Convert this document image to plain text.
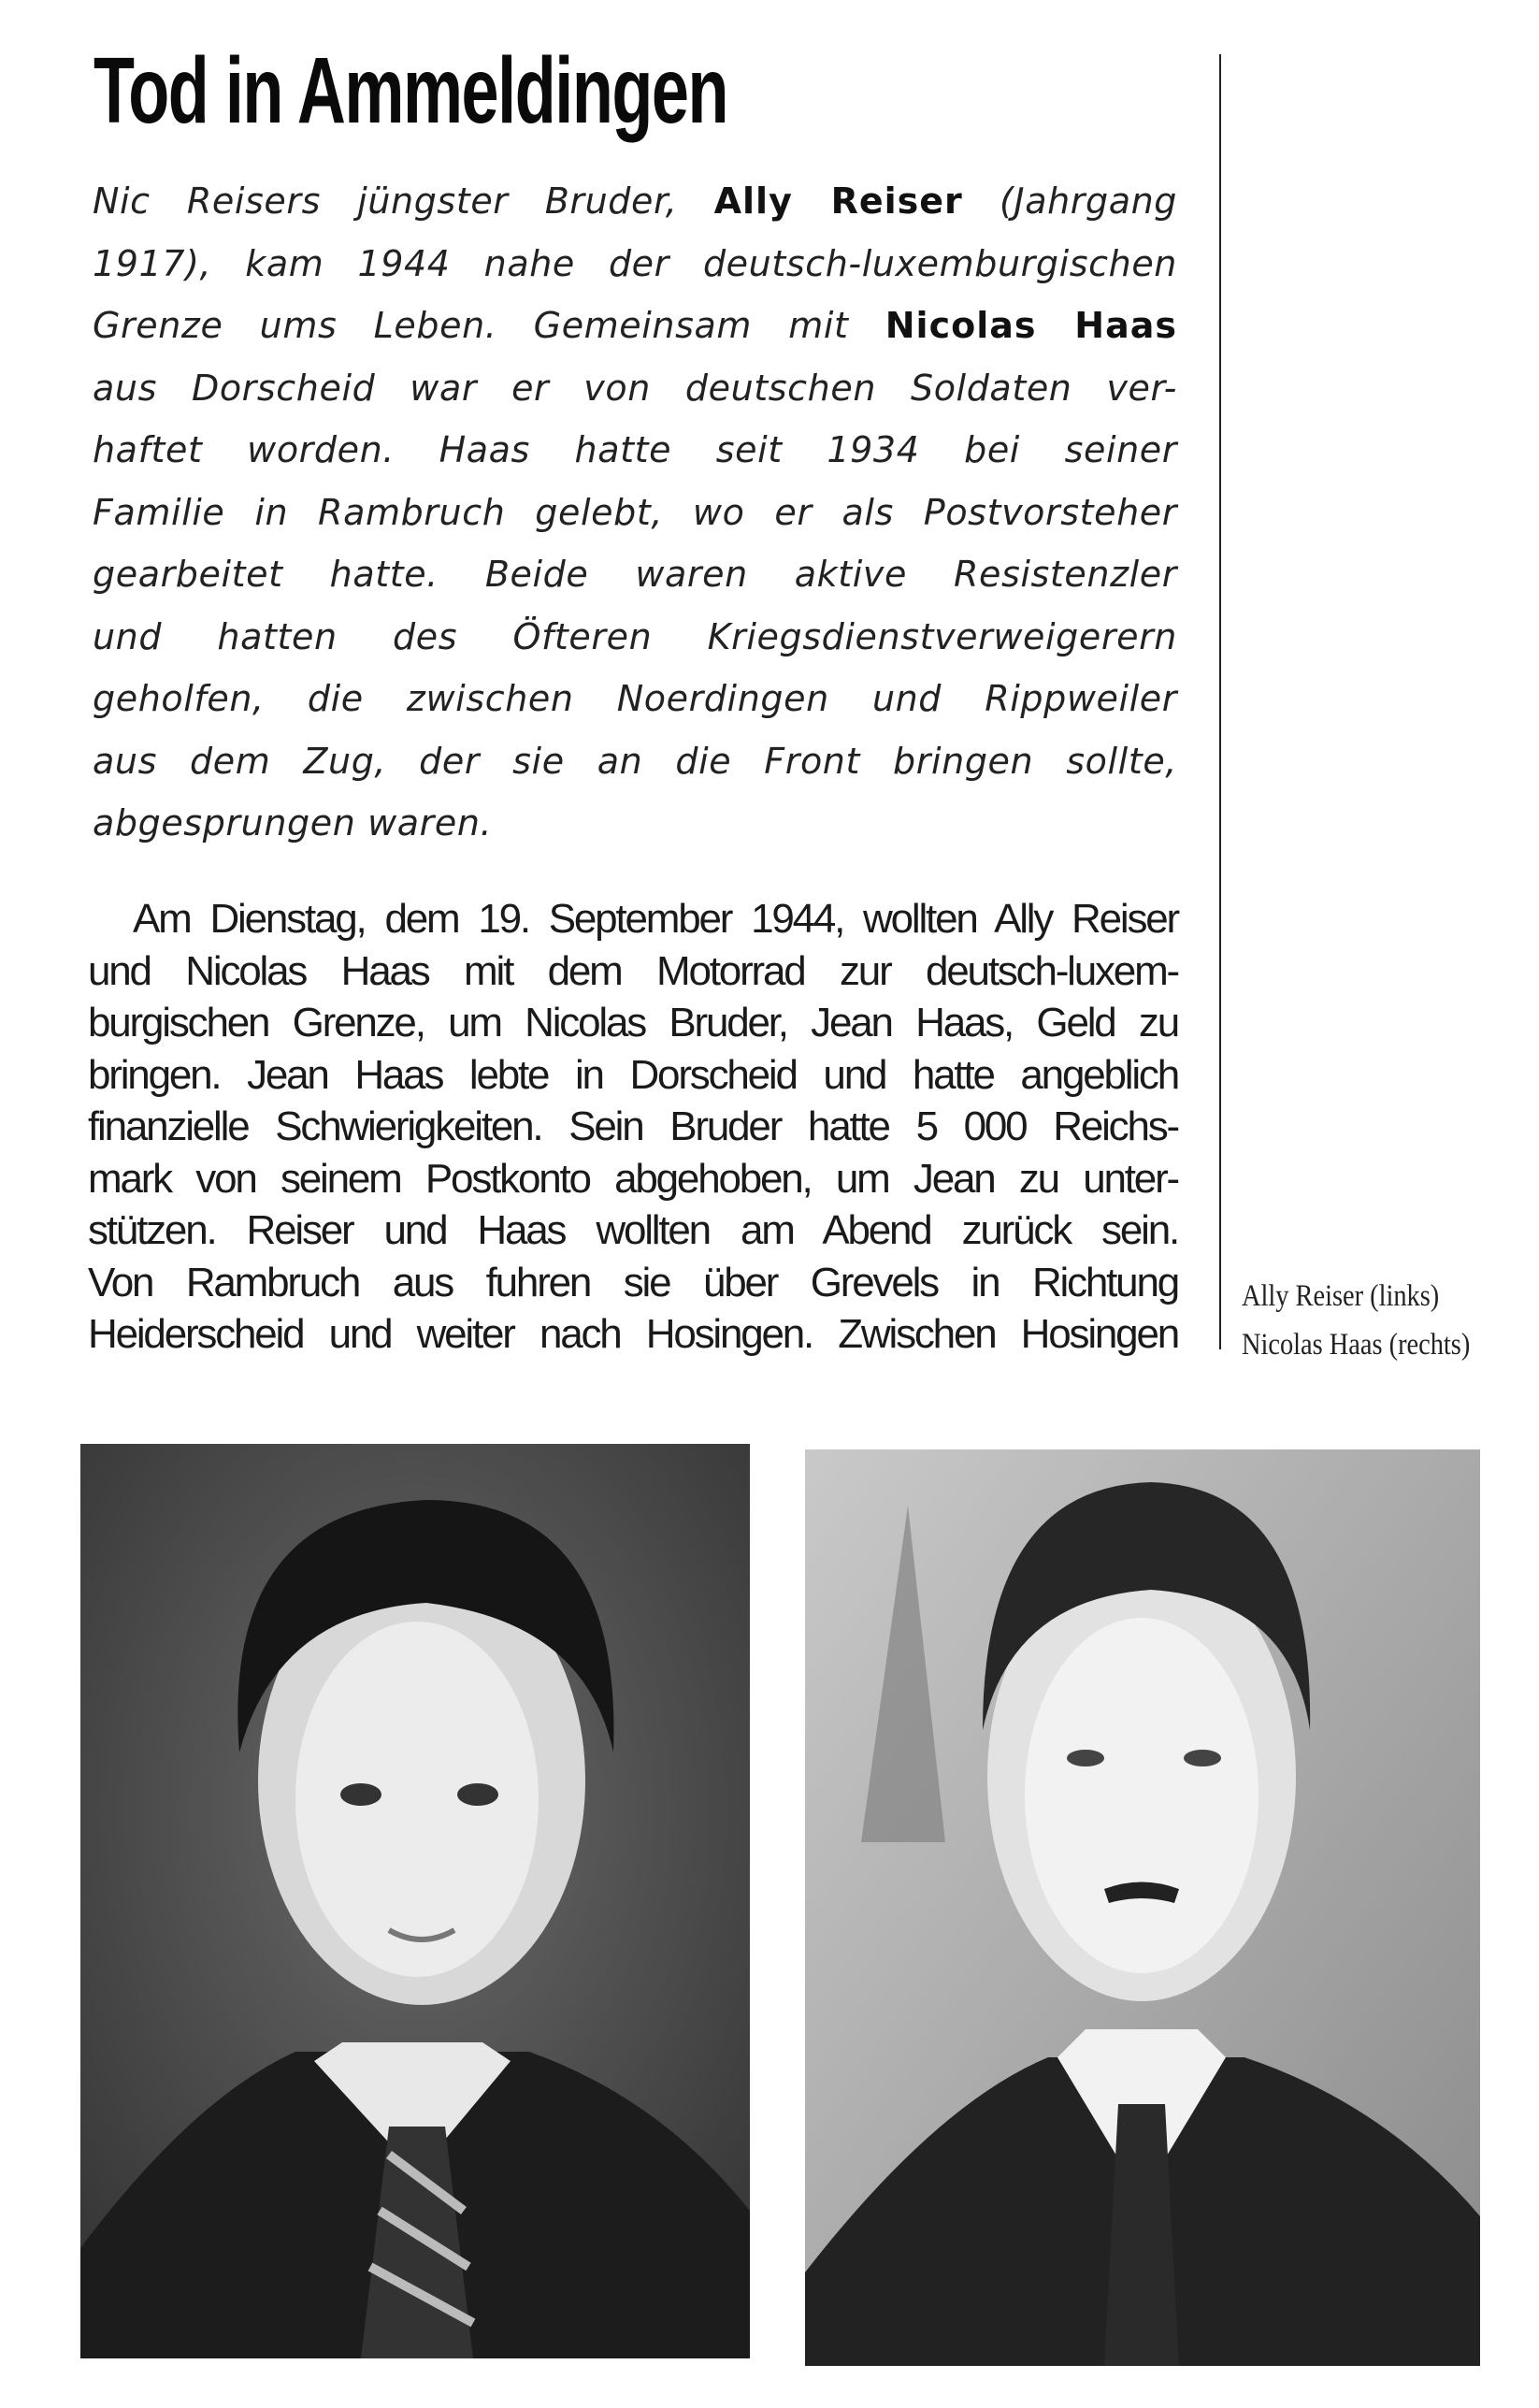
Tod in Ammeldingen
Nic Reisers jüngster Bruder, Ally Reiser (Jahrgang
1917), kam 1944 nahe der deutsch-luxemburgischen
Grenze ums Leben. Gemeinsam mit Nicolas Haas
aus Dorscheid war er von deutschen Soldaten ver-
haftet worden. Haas hatte seit 1934 bei seiner
Familie in Rambruch gelebt, wo er als Postvorsteher
gearbeitet hatte. Beide waren aktive Resistenzler
und hatten des Öfteren Kriegsdienstverweigerern
geholfen, die zwischen Noerdingen und Rippweiler
aus dem Zug, der sie an die Front bringen sollte,
abgesprungen waren.
Am Dienstag, dem 19. September 1944, wollten Ally Reiser
und Nicolas Haas mit dem Motorrad zur deutsch-luxem-
burgischen Grenze, um Nicolas Bruder, Jean Haas, Geld zu
bringen. Jean Haas lebte in Dorscheid und hatte angeblich
finanzielle Schwierigkeiten. Sein Bruder hatte 5 000 Reichs-
mark von seinem Postkonto abgehoben, um Jean zu unter-
stützen. Reiser und Haas wollten am Abend zurück sein.
Von Rambruch aus fuhren sie über Grevels in Richtung
Heiderscheid und weiter nach Hosingen. Zwischen Hosingen
Ally Reiser (links)
Nicolas Haas (rechts)
